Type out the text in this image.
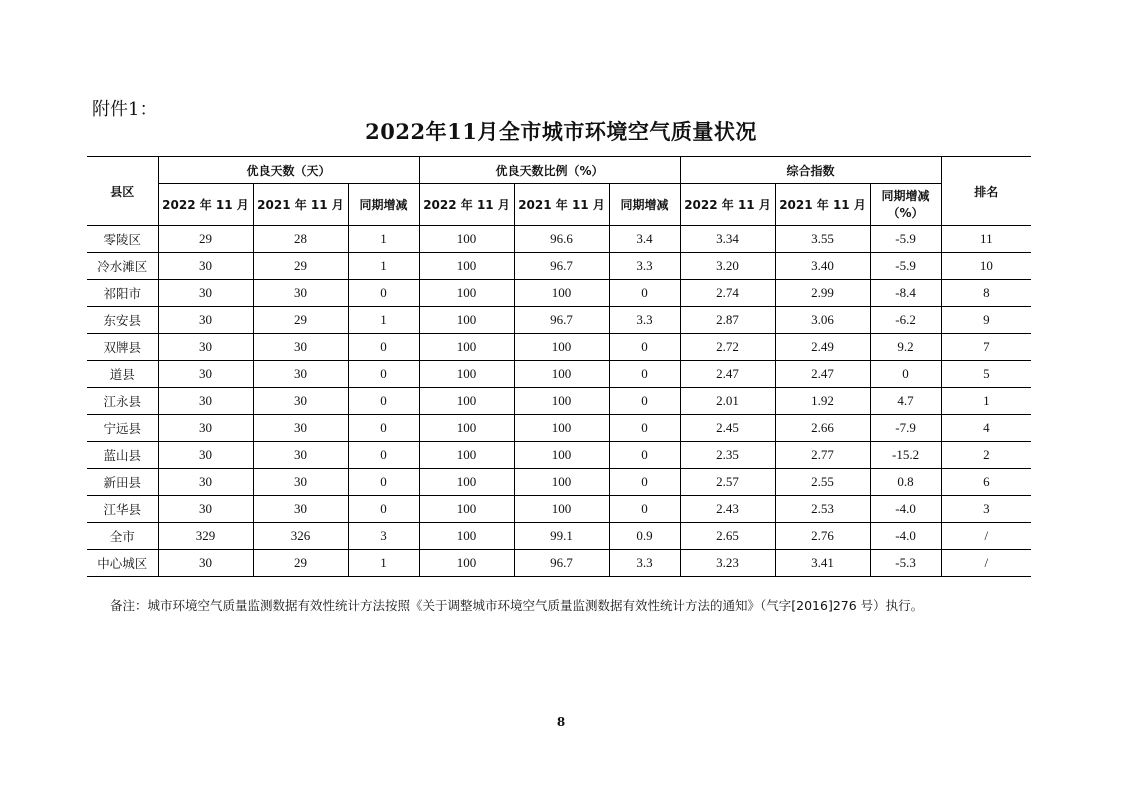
附件1：
2022年11月全市城市环境空气质量状况
县区	优良天数（天）			优良天数比例（%）			综合指数			排名
	2022 年 11 月	2021 年 11 月	同期增减	2022 年 11 月	2021 年 11 月	同期增减	2022 年 11 月	2021 年 11 月	同期增减（%）	
零陵区	29	28	1	100	96.6	3.4	3.34	3.55	-5.9	11
冷水滩区	30	29	1	100	96.7	3.3	3.20	3.40	-5.9	10
祁阳市	30	30	0	100	100	0	2.74	2.99	-8.4	8
东安县	30	29	1	100	96.7	3.3	2.87	3.06	-6.2	9
双牌县	30	30	0	100	100	0	2.72	2.49	9.2	7
道县	30	30	0	100	100	0	2.47	2.47	0	5
江永县	30	30	0	100	100	0	2.01	1.92	4.7	1
宁远县	30	30	0	100	100	0	2.45	2.66	-7.9	4
蓝山县	30	30	0	100	100	0	2.35	2.77	-15.2	2
新田县	30	30	0	100	100	0	2.57	2.55	0.8	6
江华县	30	30	0	100	100	0	2.43	2.53	-4.0	3
全市	329	326	3	100	99.1	0.9	2.65	2.76	-4.0	/
中心城区	30	29	1	100	96.7	3.3	3.23	3.41	-5.3	/
备注：城市环境空气质量监测数据有效性统计方法按照《关于调整城市环境空气质量监测数据有效性统计方法的通知》（气字[2016]276 号）执行。
8
